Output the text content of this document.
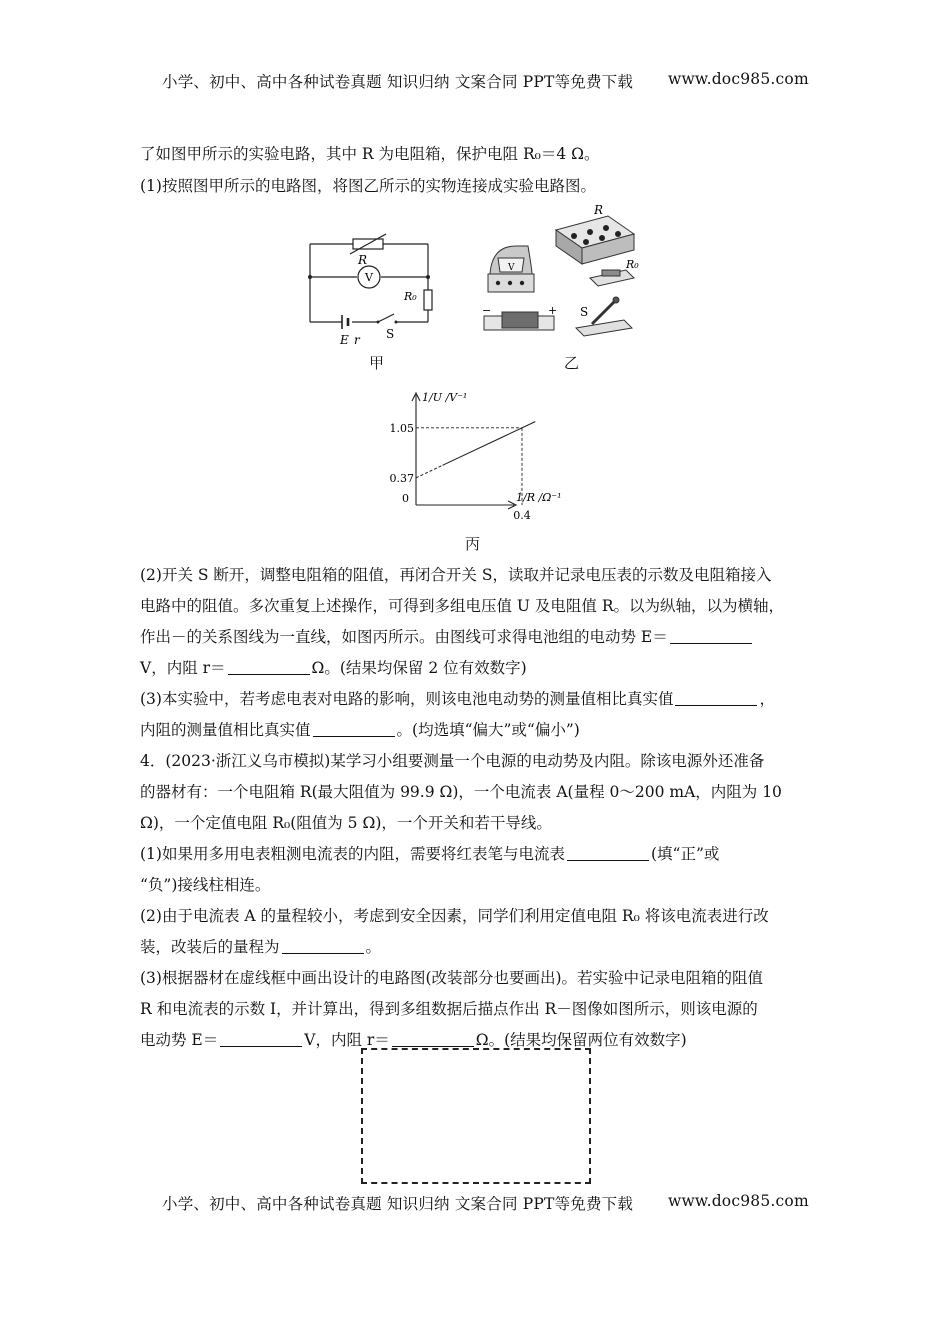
小学、初中、高中各种试卷真题 知识归纳 文案合同 PPT等免费下载 www.doc985.com
了如图甲所示的实验电路，其中 R 为电阻箱，保护电阻 R₀＝4 Ω。
(1)按照图甲所示的电路图，将图乙所示的实物连接成实验电路图。
R
V
R₀
S
E r
甲
R
V	R₀
S
−	+
乙
0.37
1.05
0.4
0
1/U /V⁻¹
1/R /Ω⁻¹
丙
(2)开关 S 断开，调整电阻箱的阻值，再闭合开关 S，读取并记录电压表的示数及电阻箱接入
电路中的阻值。多次重复上述操作，可得到多组电压值 U 及电阻值 R。以为纵轴，以为横轴，
作出－的关系图线为一直线，如图丙所示。由图线可求得电池组的电动势 E＝
V，内阻 r＝	Ω。(结果均保留 2 位有效数字)
(3)本实验中，若考虑电表对电路的影响，则该电池电动势的测量值相比真实值	，
内阻的测量值相比真实值	。(均选填“偏大”或“偏小”)
4．(2023·浙江义乌市模拟)某学习小组要测量一个电源的电动势及内阻。除该电源外还准备
的器材有：一个电阻箱 R(最大阻值为 99.9 Ω)，一个电流表 A(量程 0～200 mA，内阻为 10
Ω)，一个定值电阻 R₀(阻值为 5 Ω)，一个开关和若干导线。
(1)如果用多用电表粗测电流表的内阻，需要将红表笔与电流表	(填“正”或
“负”)接线柱相连。
(2)由于电流表 A 的量程较小，考虑到安全因素，同学们利用定值电阻 R₀ 将该电流表进行改
装，改装后的量程为	。
(3)根据器材在虚线框中画出设计的电路图(改装部分也要画出)。若实验中记录电阻箱的阻值
R 和电流表的示数 I，并计算出，得到多组数据后描点作出 R－图像如图所示，则该电源的
电动势 E＝	V，内阻 r＝	Ω。(结果均保留两位有效数字)
小学、初中、高中各种试卷真题 知识归纳 文案合同 PPT等免费下载 www.doc985.com
